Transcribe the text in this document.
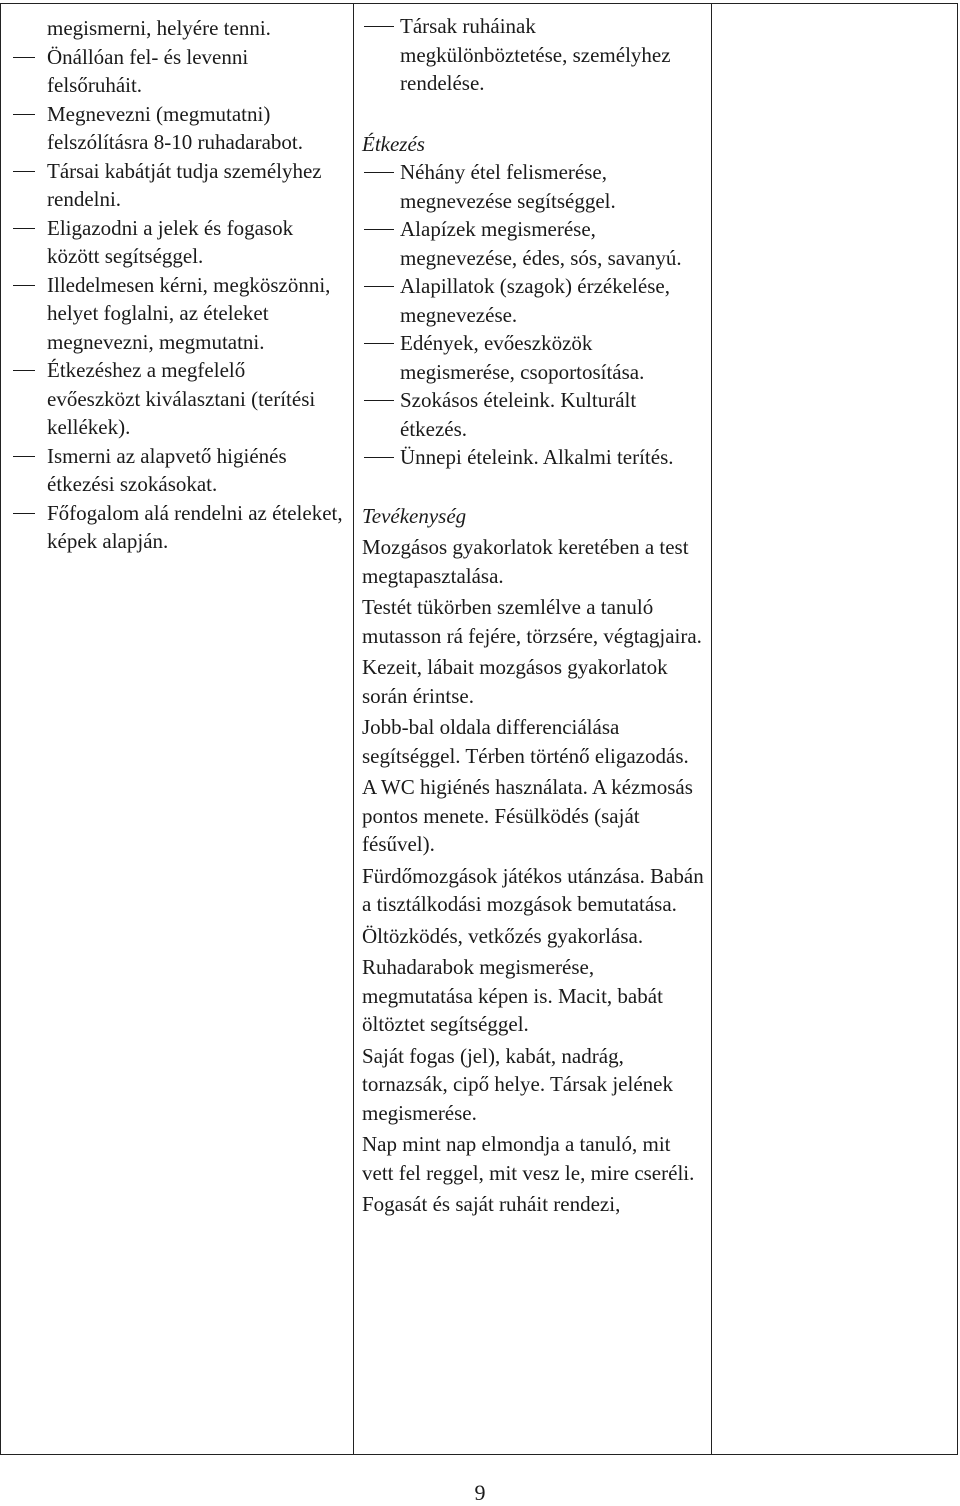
megismerni, helyére tenni.
Önállóan fel- és levenni felsőruháit.
Megnevezni (megmutatni) felszólításra 8-10 ruhadarabot.
Társai kabátját tudja személyhez rendelni.
Eligazodni a jelek és fogasok között segítséggel.
Illedelmesen kérni, megköszönni, helyet foglalni, az ételeket megnevezni, megmutatni.
Étkezéshez a megfelelő evőeszközt kiválasztani (terítési kellékek).
Ismerni az alapvető higiénés étkezési szokásokat.
Főfogalom alá rendelni az ételeket, képek alapján.
Társak ruháinak megkülönböztetése, személyhez rendelése.
Étkezés
Néhány étel felismerése, megnevezése segítséggel.
Alapízek megismerése, megnevezése, édes, sós, savanyú.
Alapillatok (szagok) érzékelése, megnevezése.
Edények, evőeszközök megismerése, csoportosítása.
Szokásos ételeink. Kulturált étkezés.
Ünnepi ételeink. Alkalmi terítés.
Tevékenység
Mozgásos gyakorlatok keretében a test megtapasztalása.
Testét tükörben szemlélve a tanuló mutasson rá fejére, törzsére, végtagjaira.
Kezeit, lábait mozgásos gyakorlatok során érintse.
Jobb-bal oldala differenciálása segítséggel. Térben történő eligazodás.
A WC higiénés használata. A kézmosás pontos menete. Fésülködés (saját fésűvel).
Fürdőmozgások játékos utánzása. Babán a tisztálkodási mozgások bemutatása.
Öltözködés, vetkőzés gyakorlása.
Ruhadarabok megismerése, megmutatása képen is. Macit, babát öltöztet segítséggel.
Saját fogas (jel), kabát, nadrág, tornazsák, cipő helye. Társak jelének megismerése.
Nap mint nap elmondja a tanuló, mit vett fel reggel, mit vesz le, mire cseréli.
Fogasát és saját ruháit rendezi,
9
